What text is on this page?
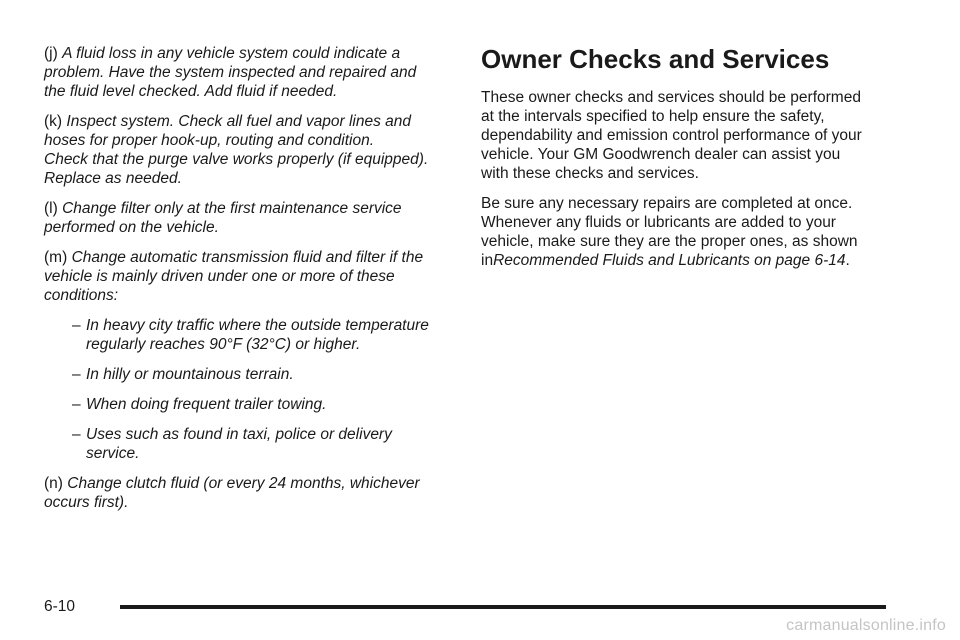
(j) A fluid loss in any vehicle system could indicate a
problem. Have the system inspected and repaired and
the fluid level checked. Add fluid if needed.
(k) Inspect system. Check all fuel and vapor lines and
hoses for proper hook-up, routing and condition.
Check that the purge valve works properly (if equipped).
Replace as needed.
(l) Change filter only at the first maintenance service
performed on the vehicle.
(m) Change automatic transmission fluid and filter if the
vehicle is mainly driven under one or more of these
conditions:
– In heavy city traffic where the outside temperature
regularly reaches 90°F (32°C) or higher.
– In hilly or mountainous terrain.
– When doing frequent trailer towing.
– Uses such as found in taxi, police or delivery
service.
(n) Change clutch fluid (or every 24 months, whichever
occurs first).
Owner Checks and Services
These owner checks and services should be performed
at the intervals specified to help ensure the safety,
dependability and emission control performance of your
vehicle. Your GM Goodwrench dealer can assist you
with these checks and services.
Be sure any necessary repairs are completed at once.
Whenever any fluids or lubricants are added to your
vehicle, make sure they are the proper ones, as shown
inRecommended Fluids and Lubricants on page 6-14.
6-10
carmanualsonline.info
